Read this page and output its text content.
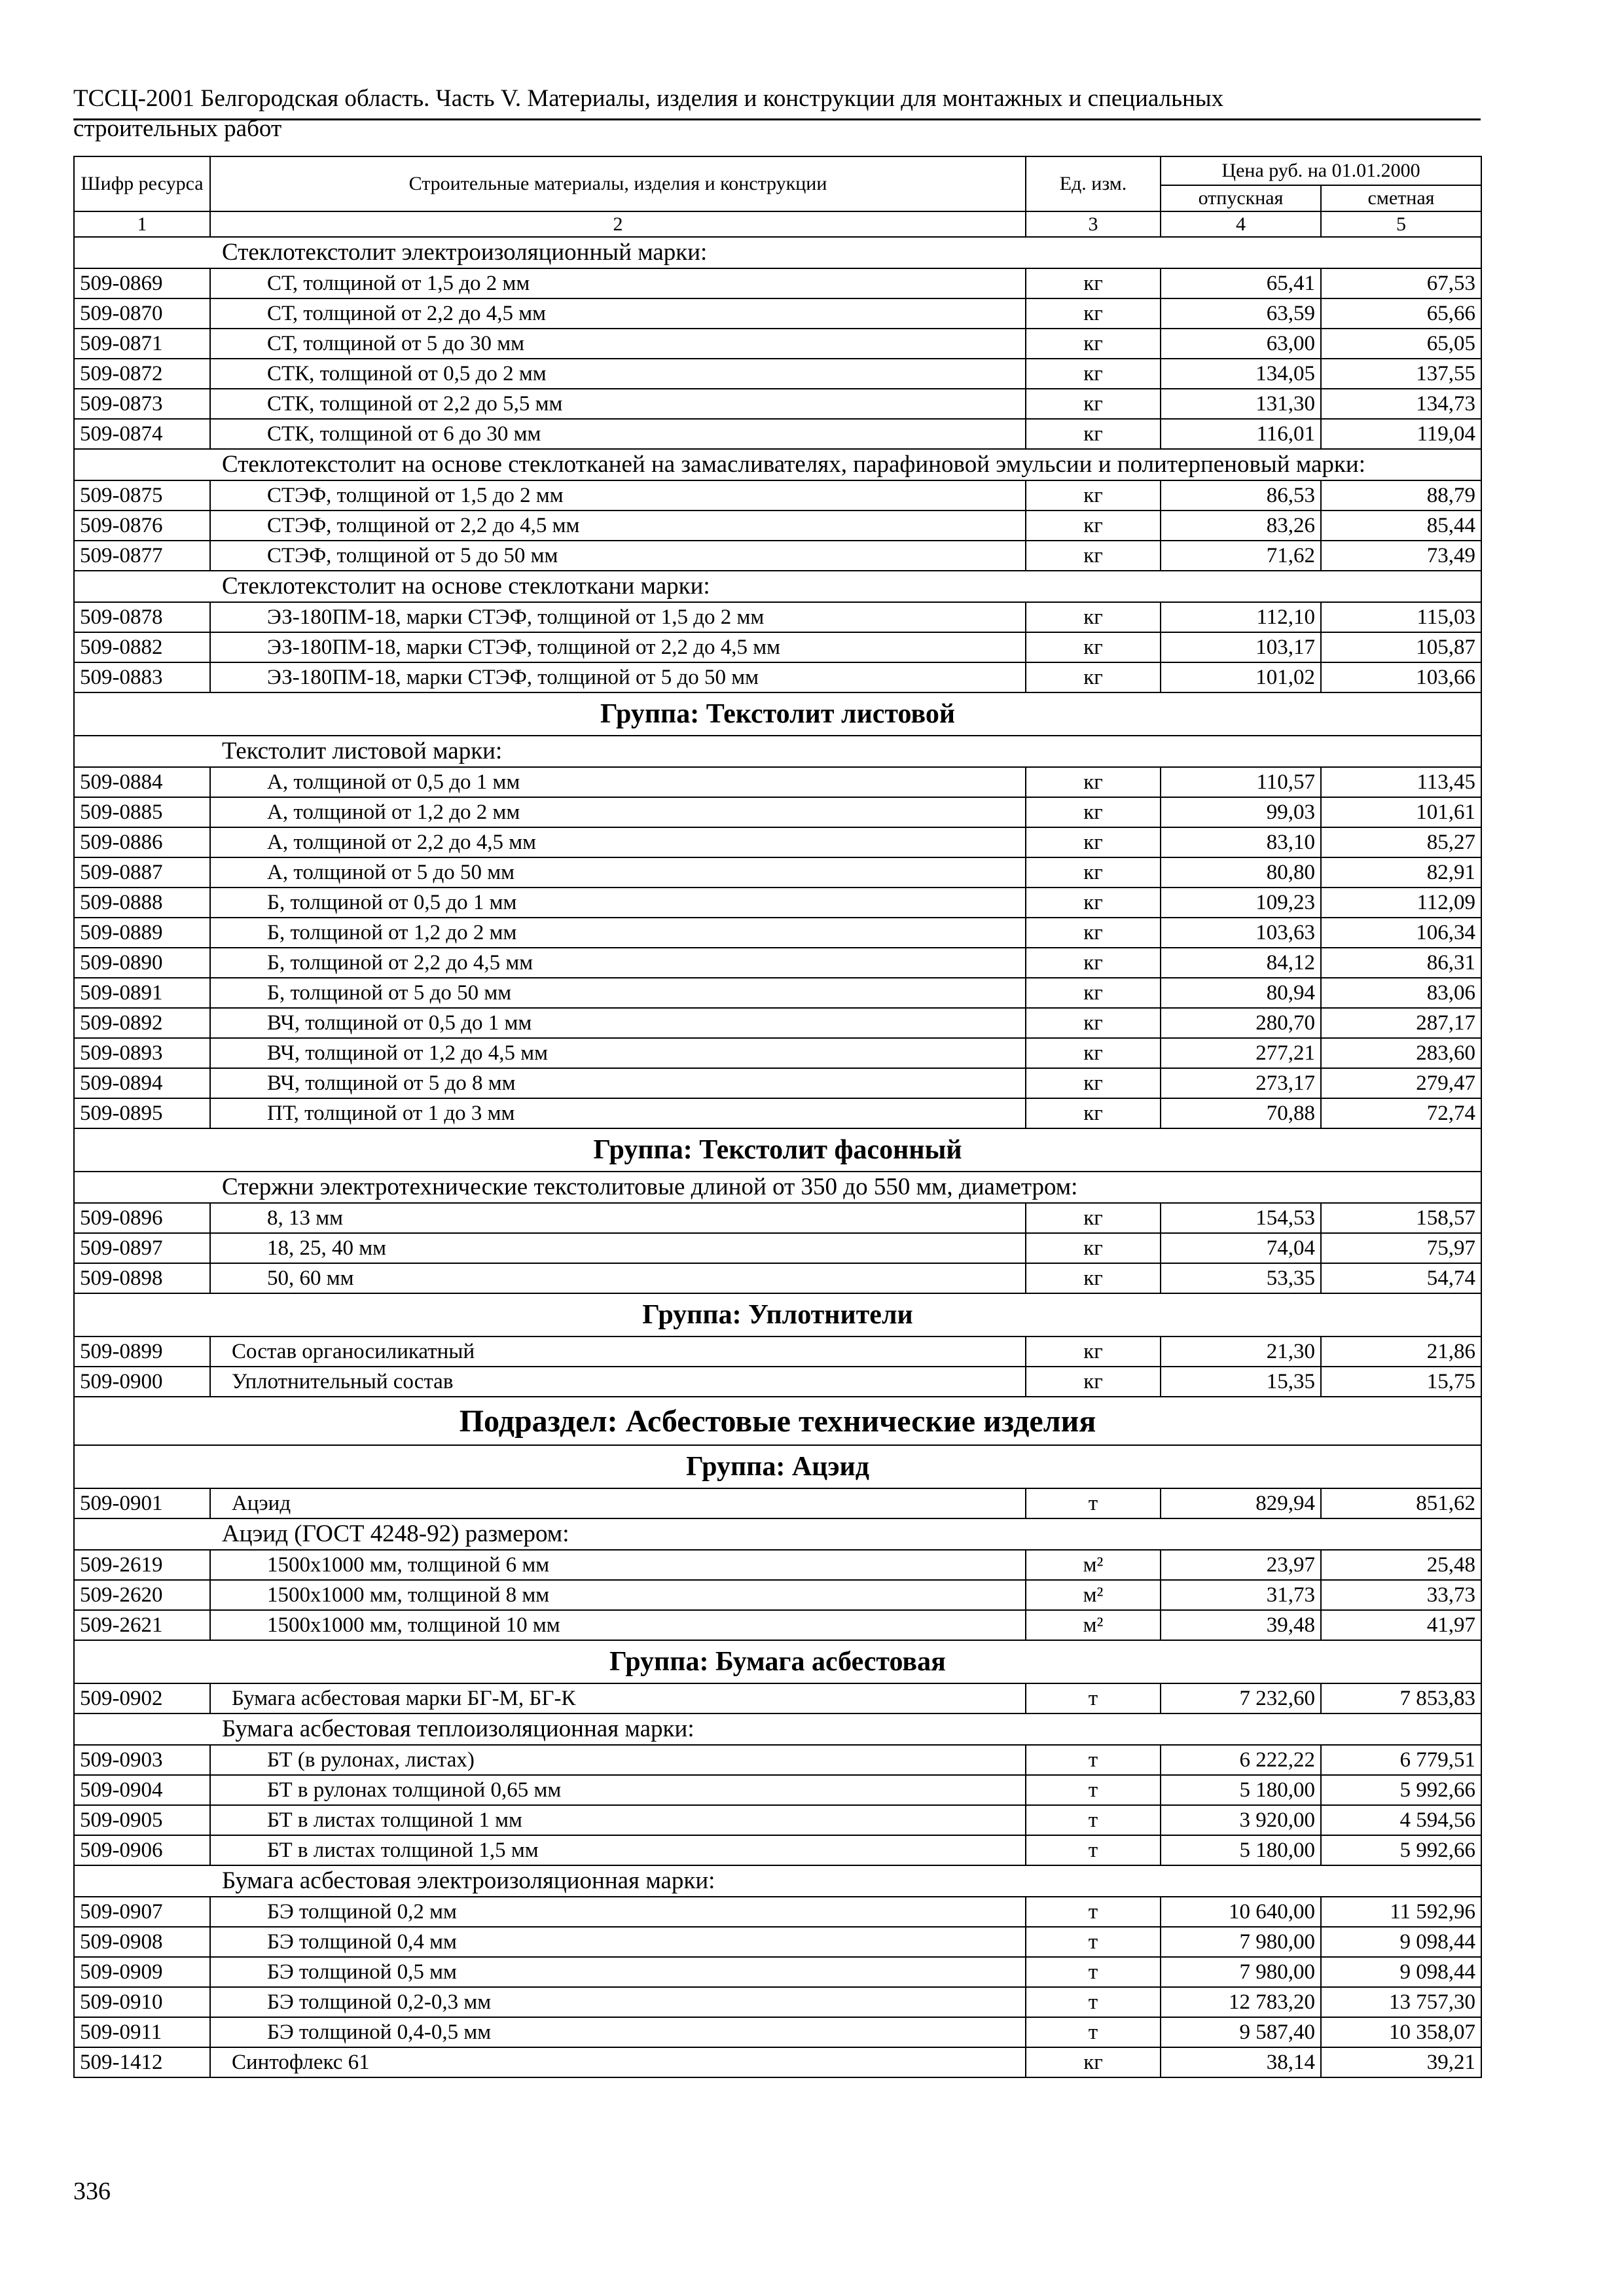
ТССЦ-2001 Белгородская область. Часть V. Материалы, изделия и конструкции для монтажных и специальных
строительных работ
Шифр ресурса	Строительные материалы, изделия и конструкции	Ед. изм.	Цена руб. на 01.01.2000	
			отпускная	сметная
1	2	3	4	5
Стеклотекстолит электроизоляционный марки:				
509-0869	СТ, толщиной от 1,5 до 2 мм	кг	65,41	67,53
509-0870	СТ, толщиной от 2,2 до 4,5 мм	кг	63,59	65,66
509-0871	СТ, толщиной от 5 до 30 мм	кг	63,00	65,05
509-0872	СТК, толщиной от 0,5 до 2 мм	кг	134,05	137,55
509-0873	СТК, толщиной от 2,2 до 5,5 мм	кг	131,30	134,73
509-0874	СТК, толщиной от 6 до 30 мм	кг	116,01	119,04
Стеклотекстолит на основе стеклотканей на замасливателях, парафиновой эмульсии и политерпеновый марки:				
509-0875	СТЭФ, толщиной от 1,5 до 2 мм	кг	86,53	88,79
509-0876	СТЭФ, толщиной от 2,2 до 4,5 мм	кг	83,26	85,44
509-0877	СТЭФ, толщиной от 5 до 50 мм	кг	71,62	73,49
Стеклотекстолит на основе стеклоткани марки:				
509-0878	ЭЗ-180ПМ-18, марки СТЭФ, толщиной от 1,5 до 2 мм	кг	112,10	115,03
509-0882	ЭЗ-180ПМ-18, марки СТЭФ, толщиной от 2,2 до 4,5 мм	кг	103,17	105,87
509-0883	ЭЗ-180ПМ-18, марки СТЭФ, толщиной от 5 до 50 мм	кг	101,02	103,66
Группа: Текстолит листовой				
Текстолит листовой марки:				
509-0884	А, толщиной от 0,5 до 1 мм	кг	110,57	113,45
509-0885	А, толщиной от 1,2 до 2 мм	кг	99,03	101,61
509-0886	А, толщиной от 2,2 до 4,5 мм	кг	83,10	85,27
509-0887	А, толщиной от 5 до 50 мм	кг	80,80	82,91
509-0888	Б, толщиной от 0,5 до 1 мм	кг	109,23	112,09
509-0889	Б, толщиной от 1,2 до 2 мм	кг	103,63	106,34
509-0890	Б, толщиной от 2,2 до 4,5 мм	кг	84,12	86,31
509-0891	Б, толщиной от 5 до 50 мм	кг	80,94	83,06
509-0892	ВЧ, толщиной от 0,5 до 1 мм	кг	280,70	287,17
509-0893	ВЧ, толщиной от 1,2 до 4,5 мм	кг	277,21	283,60
509-0894	ВЧ, толщиной от 5 до 8 мм	кг	273,17	279,47
509-0895	ПТ, толщиной от 1 до 3 мм	кг	70,88	72,74
Группа: Текстолит фасонный				
Стержни электротехнические текстолитовые длиной от 350 до 550 мм, диаметром:				
509-0896	8, 13 мм	кг	154,53	158,57
509-0897	18, 25, 40 мм	кг	74,04	75,97
509-0898	50, 60 мм	кг	53,35	54,74
Группа: Уплотнители				
509-0899	Состав органосиликатный	кг	21,30	21,86
509-0900	Уплотнительный состав	кг	15,35	15,75
Подраздел: Асбестовые технические изделия				
Группа: Ацэид				
509-0901	Ацэид	т	829,94	851,62
Ацэид (ГОСТ 4248-92) размером:				
509-2619	1500х1000 мм, толщиной 6 мм	м²	23,97	25,48
509-2620	1500х1000 мм, толщиной 8 мм	м²	31,73	33,73
509-2621	1500х1000 мм, толщиной 10 мм	м²	39,48	41,97
Группа: Бумага асбестовая				
509-0902	Бумага асбестовая марки БГ-М, БГ-К	т	7 232,60	7 853,83
Бумага асбестовая теплоизоляционная марки:				
509-0903	БТ (в рулонах, листах)	т	6 222,22	6 779,51
509-0904	БТ в рулонах толщиной 0,65 мм	т	5 180,00	5 992,66
509-0905	БТ в листах толщиной 1 мм	т	3 920,00	4 594,56
509-0906	БТ в листах толщиной 1,5 мм	т	5 180,00	5 992,66
Бумага асбестовая электроизоляционная марки:				
509-0907	БЭ толщиной 0,2 мм	т	10 640,00	11 592,96
509-0908	БЭ толщиной 0,4 мм	т	7 980,00	9 098,44
509-0909	БЭ толщиной 0,5 мм	т	7 980,00	9 098,44
509-0910	БЭ толщиной 0,2-0,3 мм	т	12 783,20	13 757,30
509-0911	БЭ толщиной 0,4-0,5 мм	т	9 587,40	10 358,07
509-1412	Синтофлекс 61	кг	38,14	39,21
336
